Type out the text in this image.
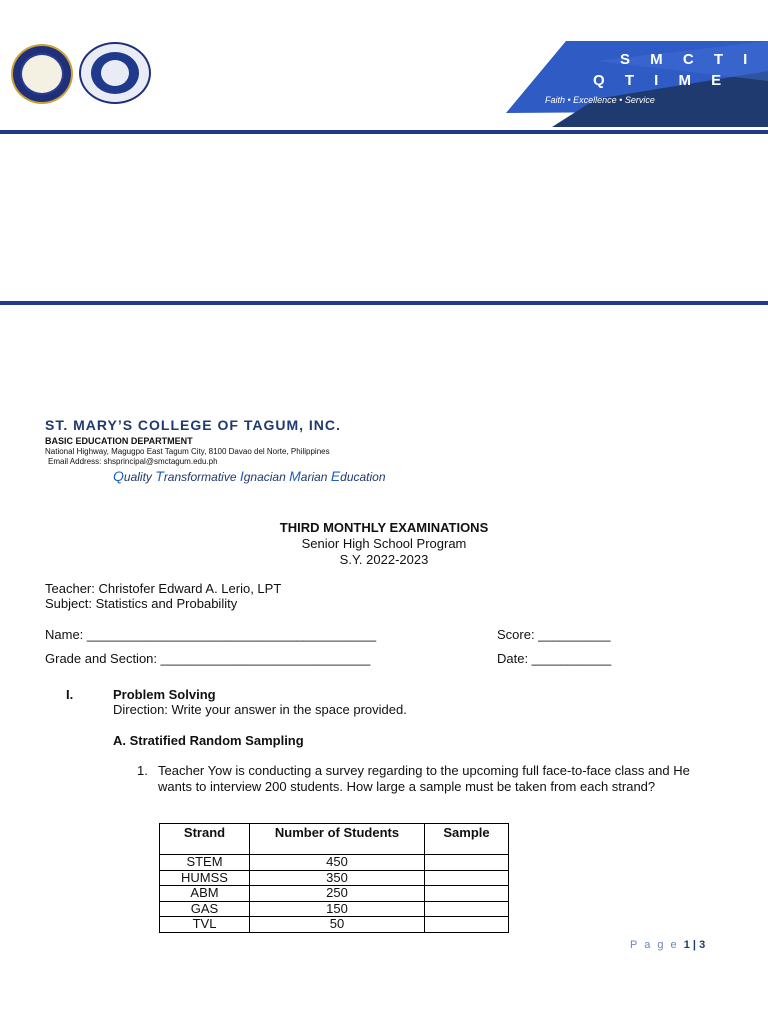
S M C T I
Q T I M E
Faith • Excellence • Service
ST. MARY’S COLLEGE OF TAGUM, INC.
BASIC EDUCATION DEPARTMENT
National Highway, Magugpo East Tagum City, 8100 Davao del Norte, Philippines
Email Address: shsprincipal@smctagum.edu.ph
Quality Transformative Ignacian Marian Education
THIRD MONTHLY EXAMINATIONS
Senior High School Program
S.Y. 2022-2023
Teacher: Christofer Edward A. Lerio, LPT
Subject: Statistics and Probability
Name: ________________________________________	Score: __________
Grade and Section: _____________________________	Date: ___________
I.	Problem Solving
Direction: Write your answer in the space provided.
A. Stratified Random Sampling
1. Teacher Yow is conducting a survey regarding to the upcoming full face-to-face class and He wants to interview 200 students. How large a sample must be taken from each strand?
Strand	Number of Students	Sample
STEM	450	
HUMSS	350	
ABM	250	
GAS	150	
TVL	50	
P a g e 1 | 3
